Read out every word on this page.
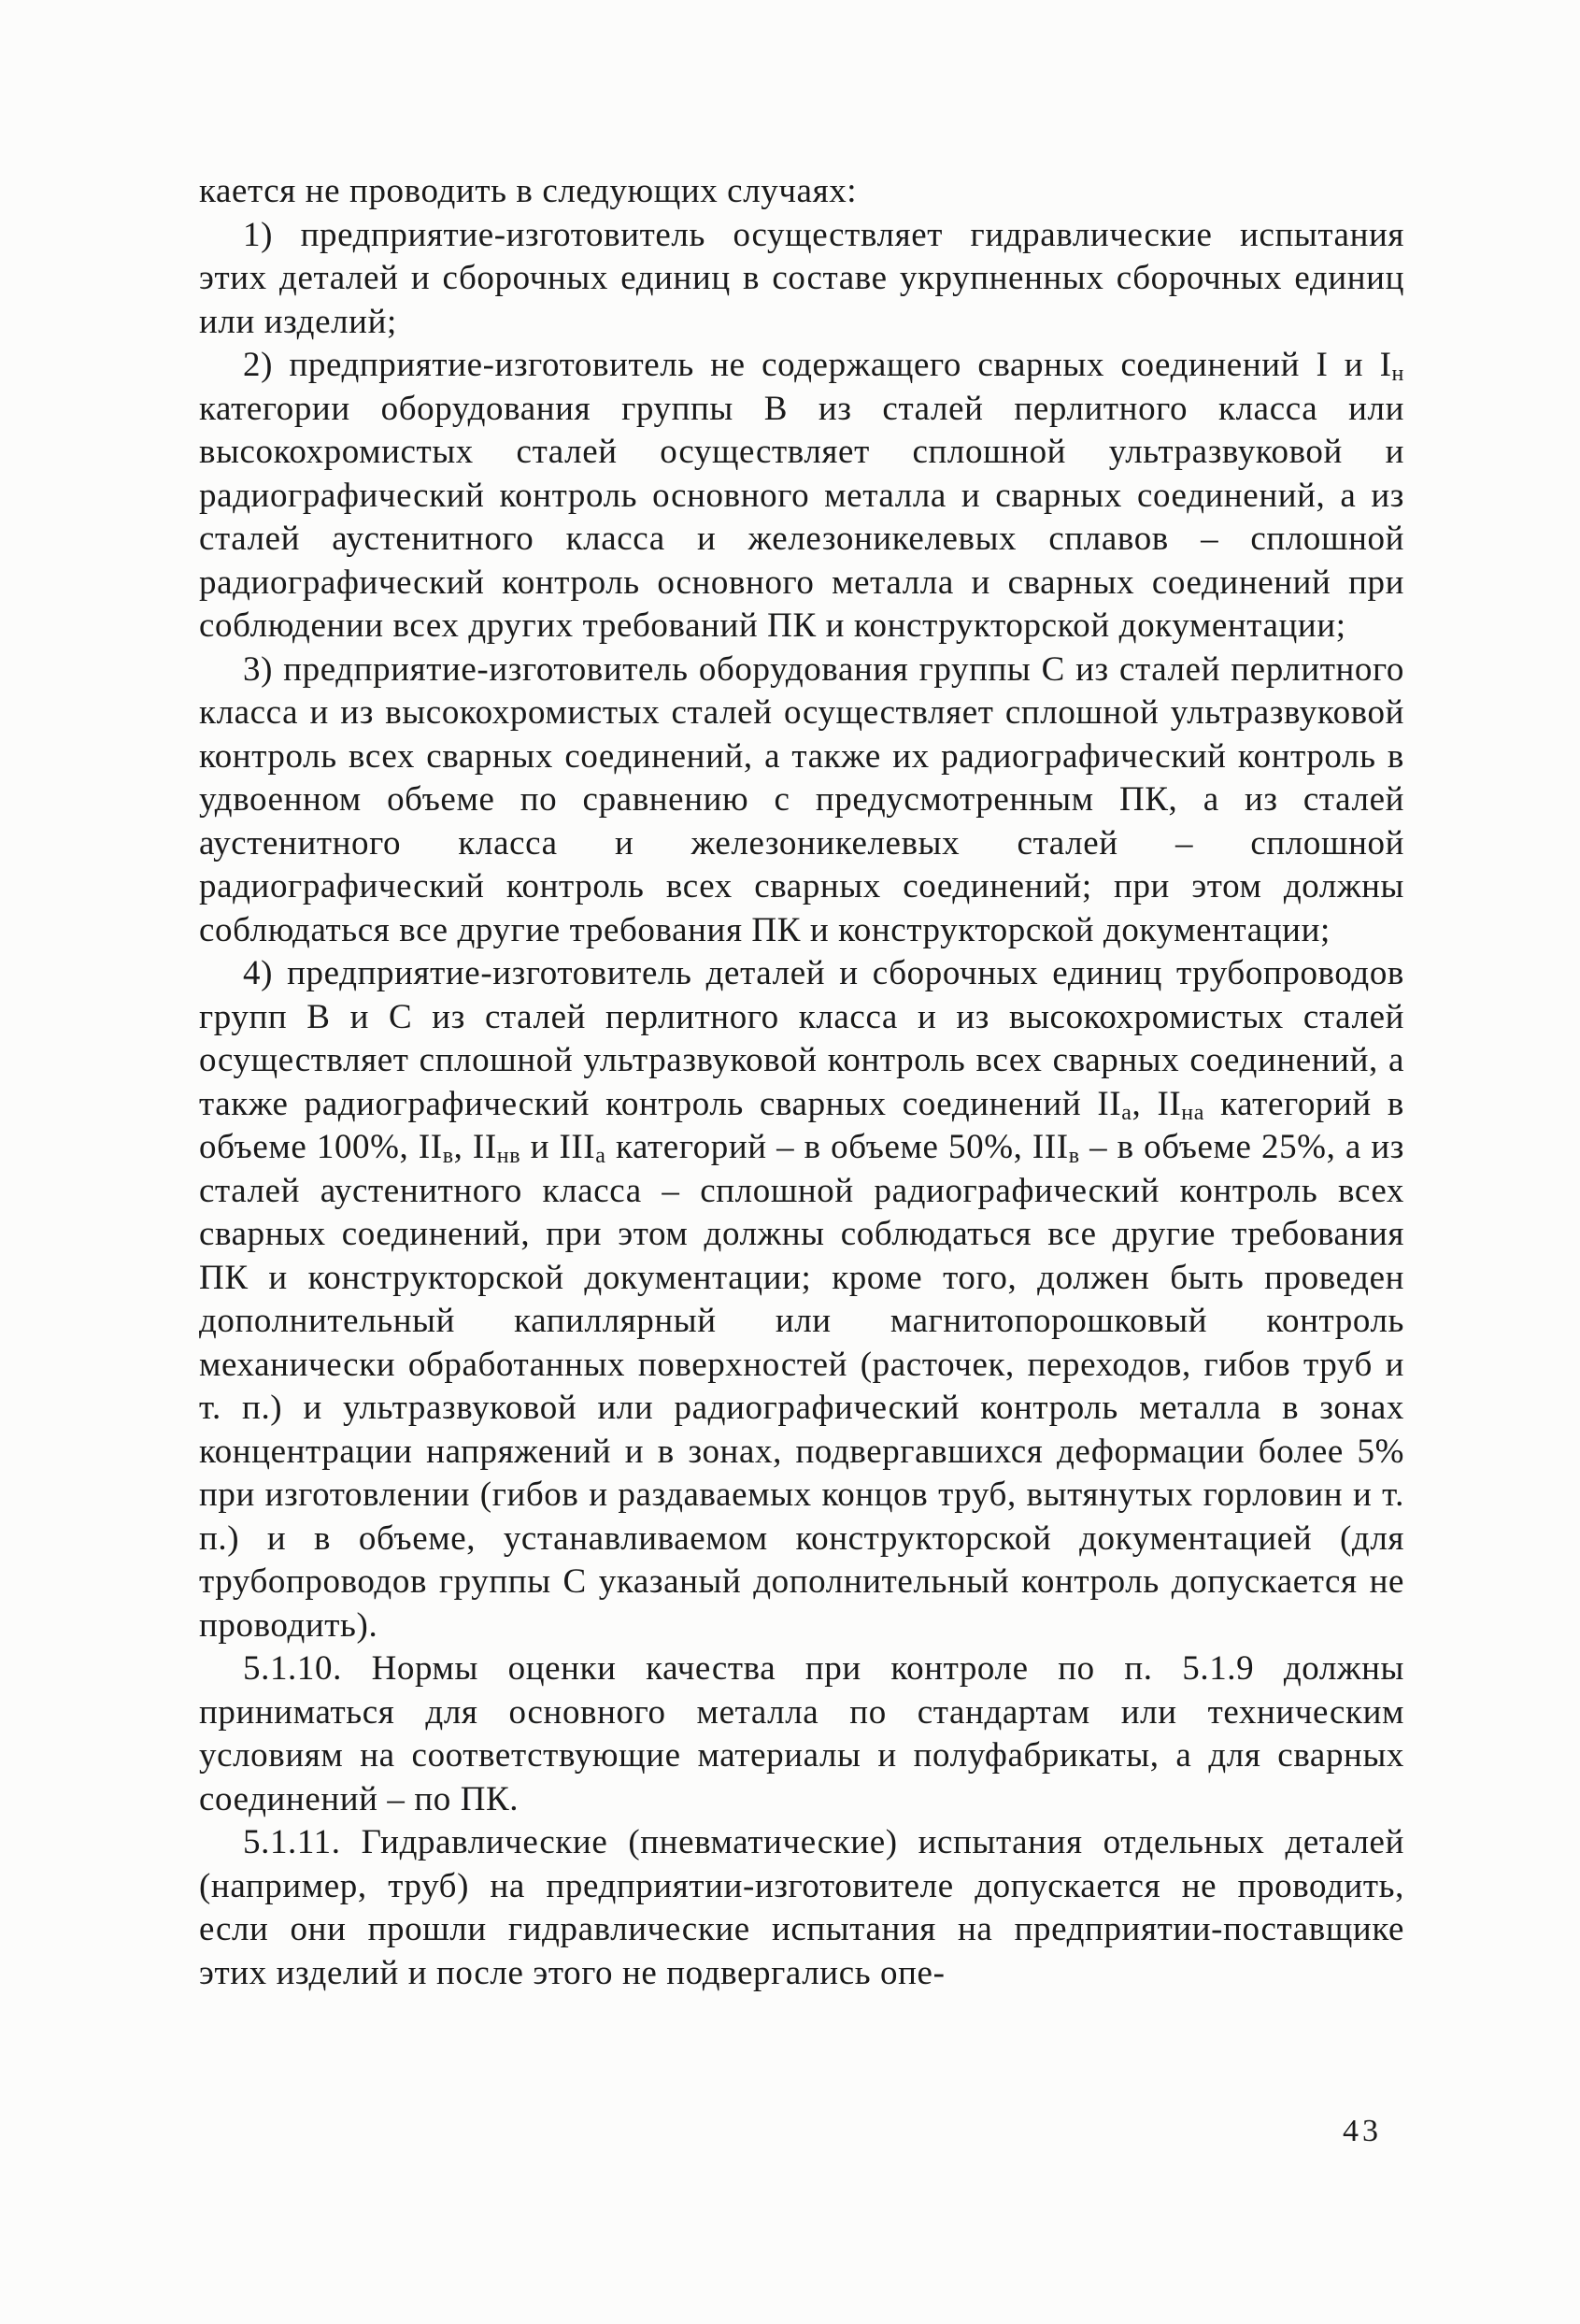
кается не проводить в следующих случаях:

1) предприятие-изготовитель осуществляет гидравлические испытания этих деталей и сборочных единиц в составе укрупненных сборочных единиц или изделий;

2) предприятие-изготовитель не содержащего сварных соединений I и $I_н$ категории оборудования группы В из сталей перлитного класса или высокохромистых сталей осуществляет сплошной ультразвуковой и радиографический контроль основного металла и сварных соединений, а из сталей аустенитного класса и железоникелевых сплавов – сплошной радиографический контроль основного металла и сварных соединений при соблюдении всех других требований ПК и конструкторской документации;

3) предприятие-изготовитель оборудования группы С из сталей перлитного класса и из высокохромистых сталей осуществляет сплошной ультразвуковой контроль всех сварных соединений, а также их радиографический контроль в удвоенном объеме по сравнению с предусмотренным ПК, а из сталей аустенитного класса и железоникелевых сталей – сплошной радиографический контроль всех сварных соединений; при этом должны соблюдаться все другие требования ПК и конструкторской документации;

4) предприятие-изготовитель деталей и сборочных единиц трубопроводов групп В и С из сталей перлитного класса и из высокохромистых сталей осуществляет сплошной ультразвуковой контроль всех сварных соединений, а также радиографический контроль сварных соединений $II_а$, $II_{на}$ категорий в объеме 100%, $II_в$, $II_{нв}$ и $III_а$ категорий – в объеме 50%, $III_в$ – в объеме 25%, а из сталей аустенитного класса – сплошной радиографический контроль всех сварных соединений, при этом должны соблюдаться все другие требования ПК и конструкторской документации; кроме того, должен быть проведен дополнительный капиллярный или магнитопорошковый контроль механически обработанных поверхностей (расточек, переходов, гибов труб и т. п.) и ультразвуковой или радиографический контроль металла в зонах концентрации напряжений и в зонах, подвергавшихся деформации более 5% при изготовлении (гибов и раздаваемых концов труб, вытянутых горловин и т. п.) и в объеме, устанавливаемом конструкторской документацией (для трубопроводов группы С указаный дополнительный контроль допускается не проводить).

5.1.10. Нормы оценки качества при контроле по п. 5.1.9 должны приниматься для основного металла по стандартам или техническим условиям на соответствующие материалы и полуфабрикаты, а для сварных соединений – по ПК.

5.1.11. Гидравлические (пневматические) испытания отдельных деталей (например, труб) на предприятии-изготовителе допускается не проводить, если они прошли гидравлические испытания на предприятии-поставщике этих изделий и после этого не подвергались опе-

43
